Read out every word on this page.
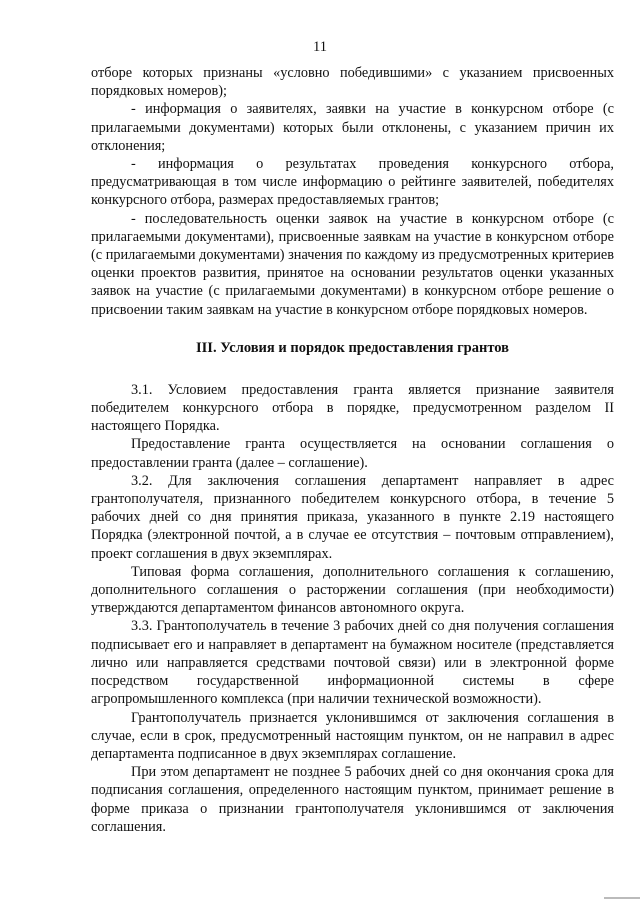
11

отборе которых признаны «условно победившими» с указанием присвоенных порядковых номеров);

- информация о заявителях, заявки на участие в конкурсном отборе (с прилагаемыми документами) которых были отклонены, с указанием причин их отклонения;

- информация о результатах проведения конкурсного отбора, предусматривающая в том числе информацию о рейтинге заявителей, победителях конкурсного отбора, размерах предоставляемых грантов;

- последовательность оценки заявок на участие в конкурсном отборе (с прилагаемыми документами), присвоенные заявкам на участие в конкурсном отборе (с прилагаемыми документами) значения по каждому из предусмотренных критериев оценки проектов развития, принятое на основании результатов оценки указанных заявок на участие (с прилагаемыми документами) в конкурсном отборе решение о присвоении таким заявкам на участие в конкурсном отборе порядковых номеров.

III. Условия и порядок предоставления грантов

3.1. Условием предоставления гранта является признание заявителя победителем конкурсного отбора в порядке, предусмотренном разделом II настоящего Порядка.

Предоставление гранта осуществляется на основании соглашения о предоставлении гранта (далее – соглашение).

3.2. Для заключения соглашения департамент направляет в адрес грантополучателя, признанного победителем конкурсного отбора, в течение 5 рабочих дней со дня принятия приказа, указанного в пункте 2.19 настоящего Порядка (электронной почтой, а в случае ее отсутствия – почтовым отправлением), проект соглашения в двух экземплярах.

Типовая форма соглашения, дополнительного соглашения к соглашению, дополнительного соглашения о расторжении соглашения (при необходимости) утверждаются департаментом финансов автономного округа.

3.3. Грантополучатель в течение 3 рабочих дней со дня получения соглашения подписывает его и направляет в департамент на бумажном носителе (представляется лично или направляется средствами почтовой связи) или в электронной форме посредством государственной информационной системы в сфере агропромышленного комплекса (при наличии технической возможности).

Грантополучатель признается уклонившимся от заключения соглашения в случае, если в срок, предусмотренный настоящим пунктом, он не направил в адрес департамента подписанное в двух экземплярах соглашение.

При этом департамент не позднее 5 рабочих дней со дня окончания срока для подписания соглашения, определенного настоящим пунктом, принимает решение в форме приказа о признании грантополучателя уклонившимся от заключения соглашения.
